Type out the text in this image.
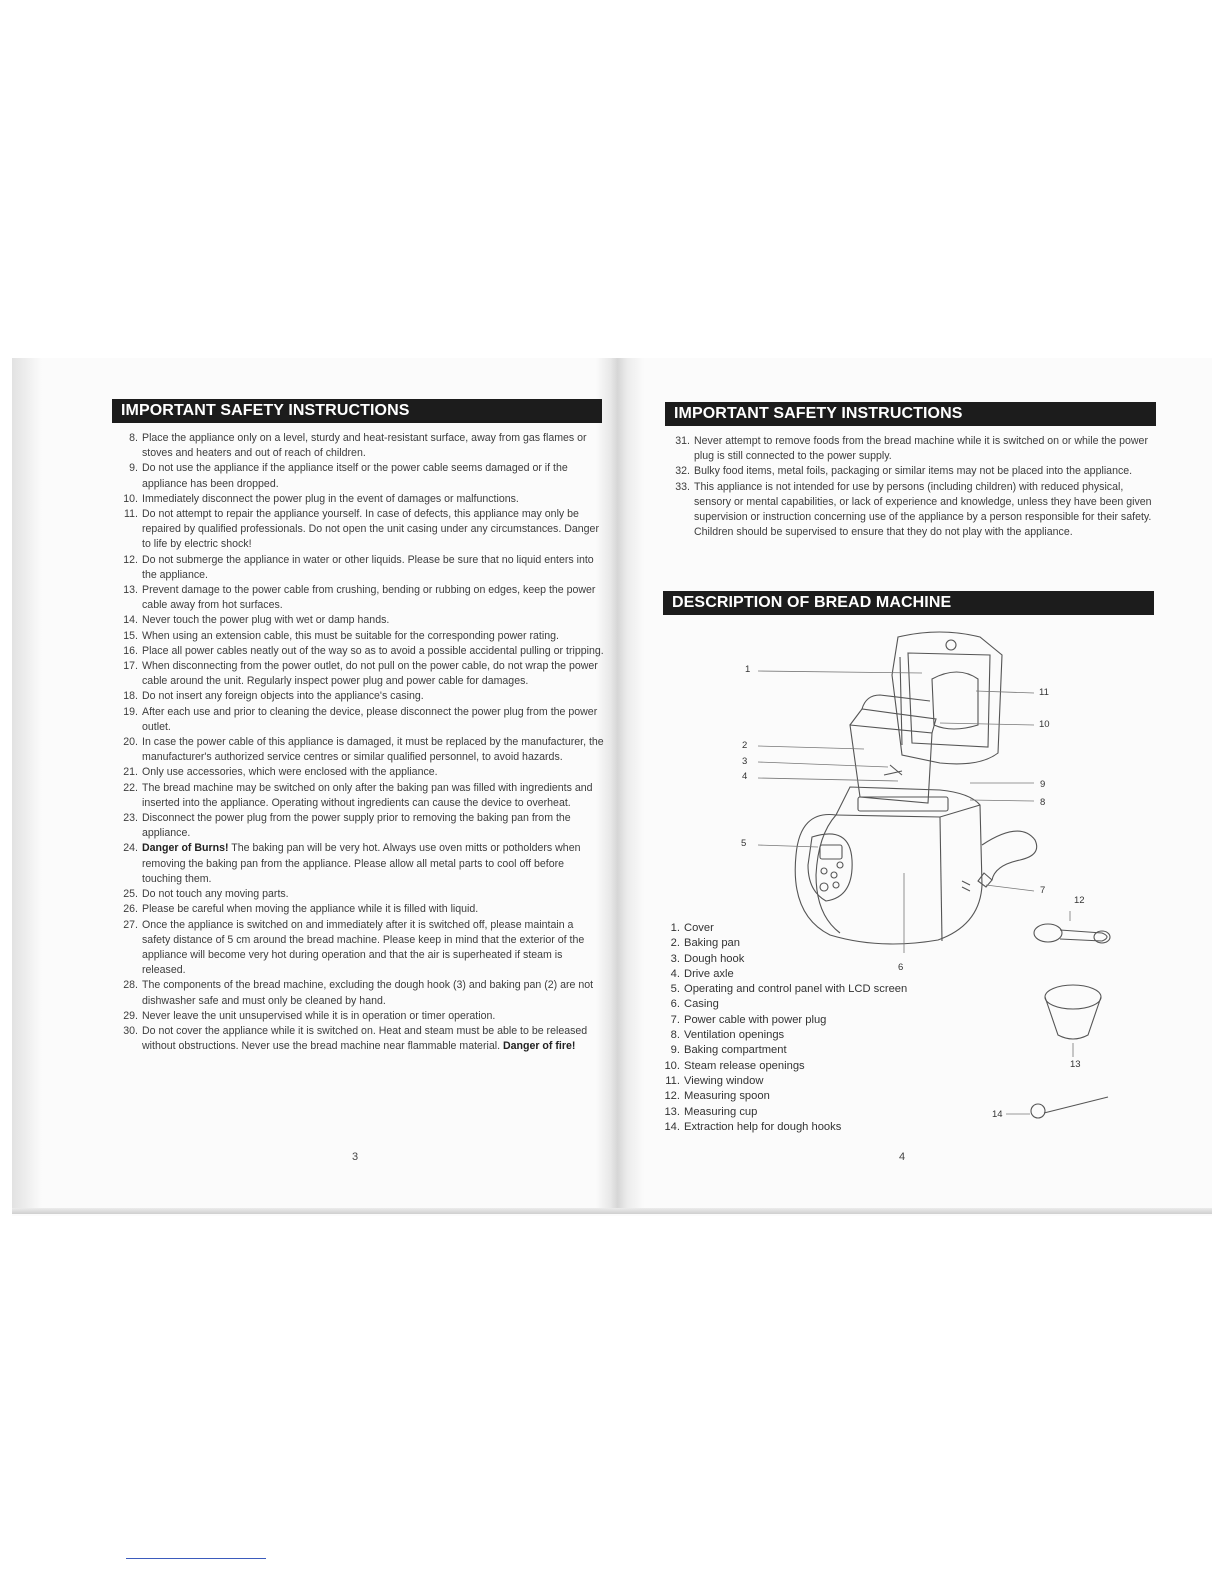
IMPORTANT SAFETY INSTRUCTIONS
8. Place the appliance only on a level, sturdy and heat-resistant surface, away from gas flames or stoves and heaters and out of reach of children.
9. Do not use the appliance if the appliance itself or the power cable seems damaged or if the appliance has been dropped.
10. Immediately disconnect the power plug in the event of damages or malfunctions.
11. Do not attempt to repair the appliance yourself. In case of defects, this appliance may only be repaired by qualified professionals. Do not open the unit casing under any circumstances. Danger to life by electric shock!
12. Do not submerge the appliance in water or other liquids. Please be sure that no liquid enters into the appliance.
13. Prevent damage to the power cable from crushing, bending or rubbing on edges, keep the power cable away from hot surfaces.
14. Never touch the power plug with wet or damp hands.
15. When using an extension cable, this must be suitable for the corresponding power rating.
16. Place all power cables neatly out of the way so as to avoid a possible accidental pulling or tripping.
17. When disconnecting from the power outlet, do not pull on the power cable, do not wrap the power cable around the unit. Regularly inspect power plug and power cable for damages.
18. Do not insert any foreign objects into the appliance's casing.
19. After each use and prior to cleaning the device, please disconnect the power plug from the power outlet.
20. In case the power cable of this appliance is damaged, it must be replaced by the manufacturer, the manufacturer's authorized service centres or similar qualified personnel, to avoid hazards.
21. Only use accessories, which were enclosed with the appliance.
22. The bread machine may be switched on only after the baking pan was filled with ingredients and inserted into the appliance. Operating without ingredients can cause the device to overheat.
23. Disconnect the power plug from the power supply prior to removing the baking pan from the appliance.
24. Danger of Burns! The baking pan will be very hot. Always use oven mitts or potholders when removing the baking pan from the appliance. Please allow all metal parts to cool off before touching them.
25. Do not touch any moving parts.
26. Please be careful when moving the appliance while it is filled with liquid.
27. Once the appliance is switched on and immediately after it is switched off, please maintain a safety distance of 5 cm around the bread machine. Please keep in mind that the exterior of the appliance will become very hot during operation and that the air is superheated if steam is released.
28. The components of the bread machine, excluding the dough hook (3) and baking pan (2) are not dishwasher safe and must only be cleaned by hand.
29. Never leave the unit unsupervised while it is in operation or timer operation.
30. Do not cover the appliance while it is switched on. Heat and steam must be able to be released without obstructions. Never use the bread machine near flammable material. Danger of fire!
3
IMPORTANT SAFETY INSTRUCTIONS
31. Never attempt to remove foods from the bread machine while it is switched on or while the power plug is still connected to the power supply.
32. Bulky food items, metal foils, packaging or similar items may not be placed into the appliance.
33. This appliance is not intended for use by persons (including children) with reduced physical, sensory or mental capabilities, or lack of experience and knowledge, unless they have been given supervision or instruction concerning use of the appliance by a person responsible for their safety. Children should be supervised to ensure that they do not play with the appliance.
DESCRIPTION OF BREAD MACHINE
1
2
3
4
5
6
7
8
9
10
11
12
13
14
1. Cover
2. Baking pan
3. Dough hook
4. Drive axle
5. Operating and control panel with LCD screen
6. Casing
7. Power cable with power plug
8. Ventilation openings
9. Baking compartment
10. Steam release openings
11. Viewing window
12. Measuring spoon
13. Measuring cup
14. Extraction help for dough hooks
4
